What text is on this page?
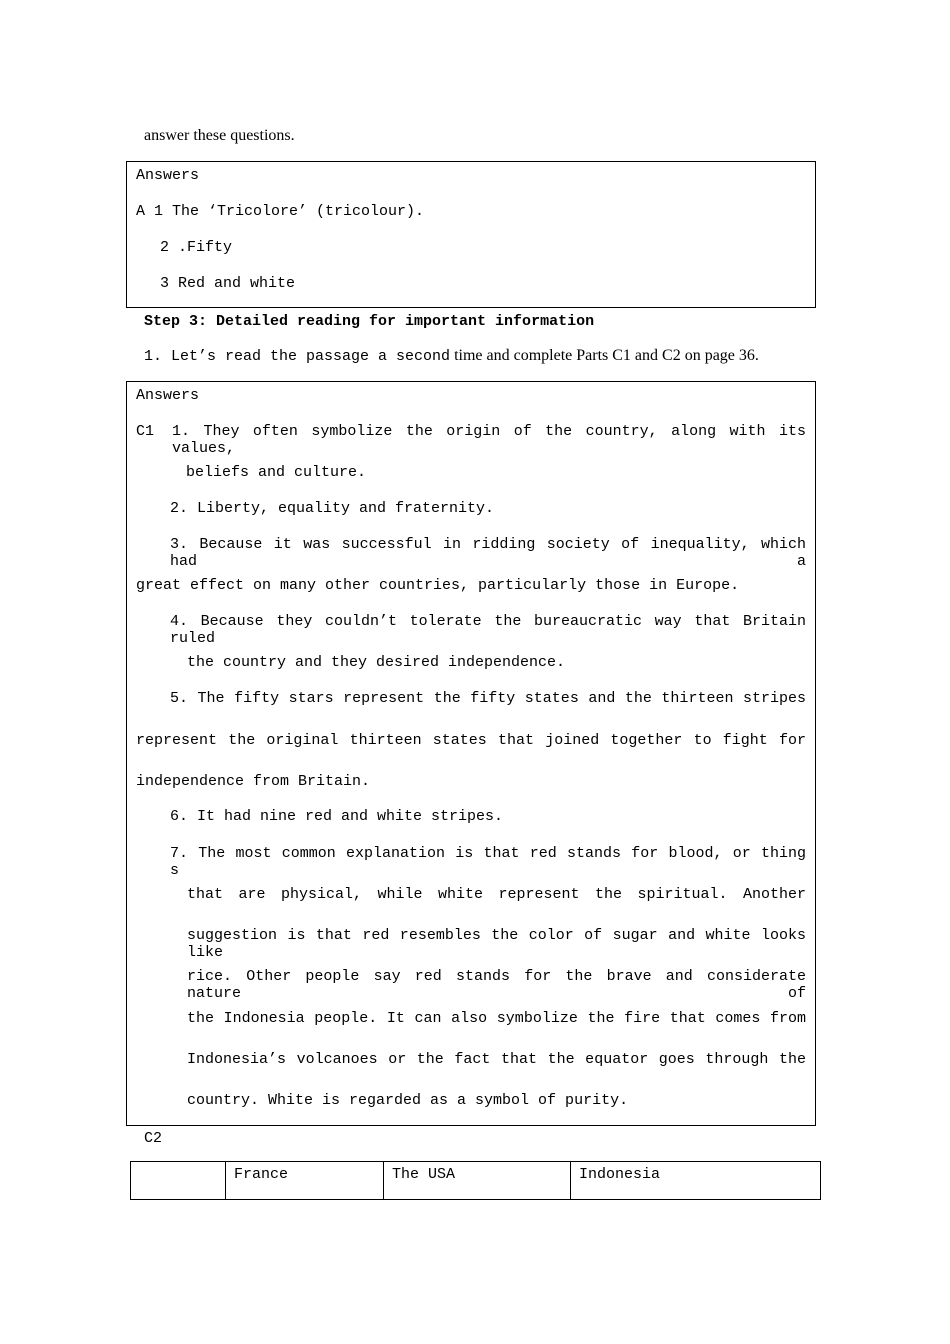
answer these questions.
Answers
A 1 The ‘Tricolore’ (tricolour).
2 .Fifty
3 Red and white
Step 3: Detailed reading for important information
1. Let’s read the passage a second time and complete Parts C1 and C2 on page 36.
Answers
C1 1. They often symbolize the origin of the country, along with its values,
beliefs and culture.
2. Liberty, equality and fraternity.
3. Because it was successful in ridding society of inequality, which had a
great effect on many other countries, particularly those in Europe.
4. Because they couldn’t tolerate the bureaucratic way that Britain ruled
the country and they desired independence.
5. The fifty stars represent the fifty states and the thirteen stripes
represent the original thirteen states that joined together to fight for
independence from Britain.
6. It had nine red and white stripes.
7. The most common explanation is that red stands for blood, or thing s
that are physical, while white represent the spiritual. Another
suggestion is that red resembles the color of sugar and white looks like
rice. Other people say red stands for the brave and considerate nature of
the Indonesia people. It can also symbolize the fire that comes from
Indonesia’s volcanoes or the fact that the equator goes through the
country. White is regarded as a symbol of purity.
C2
	France	The USA	Indonesia
